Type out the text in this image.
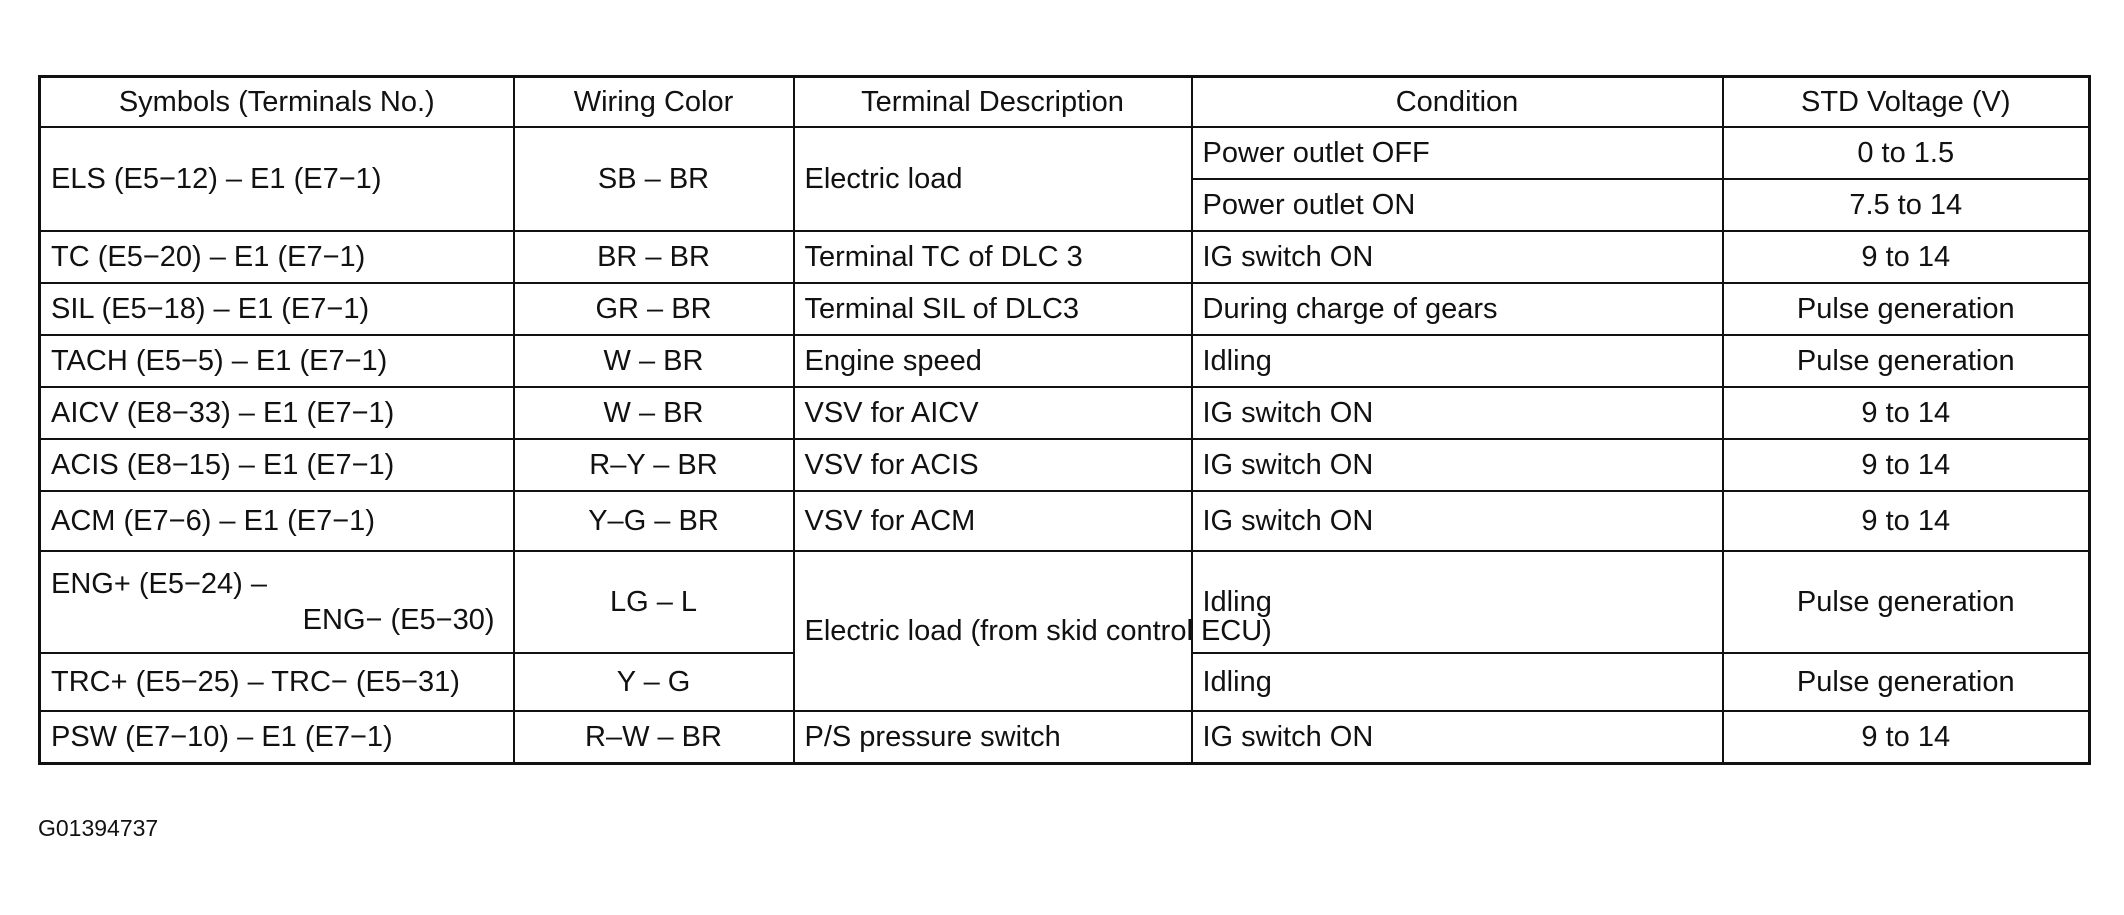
Symbols (Terminals No.)	Wiring Color	Terminal Description	Condition	STD Voltage (V)
ELS (E5−12) – E1 (E7−1)	SB – BR	Electric load	Power outlet OFF	0 to 1.5
			Power outlet ON	7.5 to 14
TC (E5−20) – E1 (E7−1)	BR – BR	Terminal TC of DLC 3	IG switch ON	9 to 14
SIL (E5−18) – E1 (E7−1)	GR – BR	Terminal SIL of DLC3	During charge of gears	Pulse generation
TACH (E5−5) – E1 (E7−1)	W – BR	Engine speed	Idling	Pulse generation
AICV (E8−33) – E1 (E7−1)	W – BR	VSV for AICV	IG switch ON	9 to 14
ACIS (E8−15) – E1 (E7−1)	R–Y – BR	VSV for ACIS	IG switch ON	9 to 14
ACM (E7−6) – E1 (E7−1)	Y–G – BR	VSV for ACM	IG switch ON	9 to 14

ENG+ (E5−24) –
ENG− (E5−30)	LG – L	Electric load (from skid control ECU)	Idling	Pulse generation
TRC+ (E5−25) – TRC− (E5−31)	Y – G		Idling	Pulse generation
PSW (E7−10) – E1 (E7−1)	R–W – BR	P/S pressure switch	IG switch ON	9 to 14
G01394737
